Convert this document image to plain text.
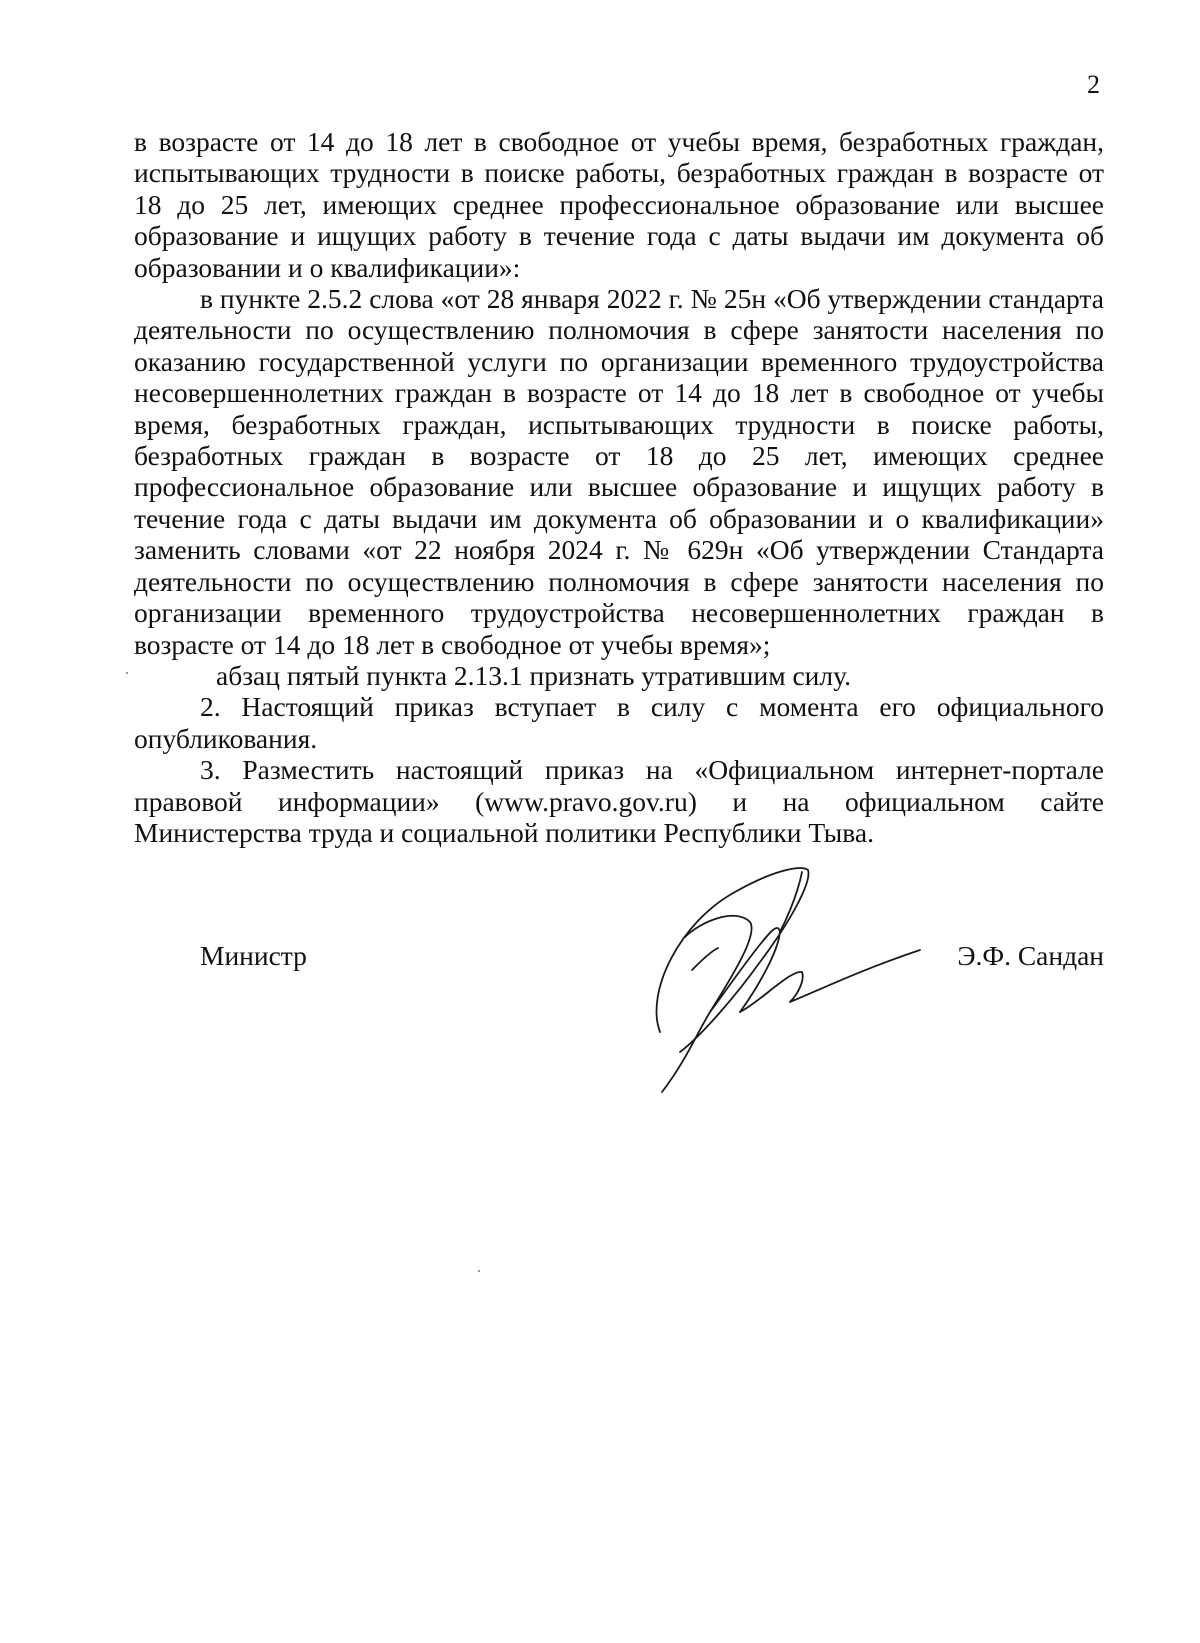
2

в возрасте от 14 до 18 лет в свободное от учебы время, безработных граждан, испытывающих трудности в поиске работы, безработных граждан в возрасте от 18 до 25 лет, имеющих среднее профессиональное образование или высшее образование и ищущих работу в течение года с даты выдачи им документа об образовании и о квалификации»:

в пункте 2.5.2 слова «от 28 января 2022 г. № 25н «Об утверждении стандарта деятельности по осуществлению полномочия в сфере занятости населения по оказанию государственной услуги по организации временного трудоустройства несовершеннолетних граждан в возрасте от 14 до 18 лет в свободное от учебы время, безработных граждан, испытывающих трудности в поиске работы, безработных граждан в возрасте от 18 до 25 лет, имеющих среднее профессиональное образование или высшее образование и ищущих работу в течение года с даты выдачи им документа об образовании и о квалификации» заменить словами «от 22 ноября 2024 г. № 629н «Об утверждении Стандарта деятельности по осуществлению полномочия в сфере занятости населения по организации временного трудоустройства несовершеннолетних граждан в возрасте от 14 до 18 лет в свободное от учебы время»;

абзац пятый пункта 2.13.1 признать утратившим силу.

2. Настоящий приказ вступает в силу с момента его официального опубликования.

3. Разместить настоящий приказ на «Официальном интернет-портале правовой информации» (www.pravo.gov.ru) и на официальном сайте Министерства труда и социальной политики Республики Тыва.

Министр	Э.Ф. Сандан
